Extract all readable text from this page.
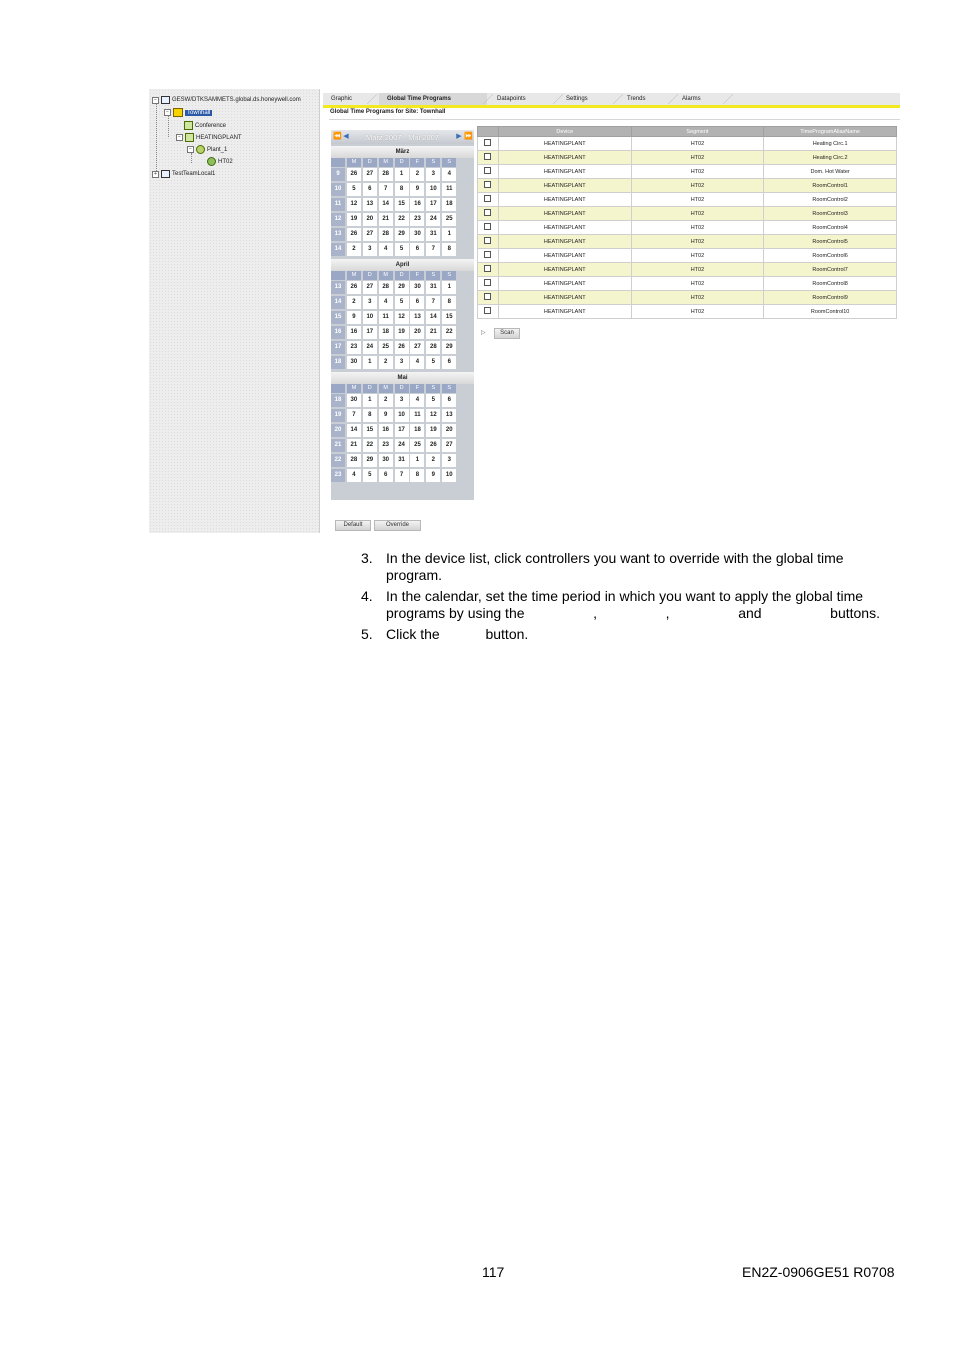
−	GESW/DTKSAMMETS.global.ds.honeywell.com
−	Townhall
Conference
−	HEATINGPLANT
−	Plant_1
HT02
+	TestTeamLocal1
Graphic	Global Time Programs	Datapoints	Settings	Trends	Alarms
Global Time Programs for Site: Townhall
⏪ ◀	März 2007 - Mai 2007	▶ ⏩
März
M	D	M	D	F	S	S
9	26	27	28	1	2	3	4
10	5	6	7	8	9	10	11
11	12	13	14	15	16	17	18
12	19	20	21	22	23	24	25
13	26	27	28	29	30	31	1
14	2	3	4	5	6	7	8
April
M	D	M	D	F	S	S
13	26	27	28	29	30	31	1
14	2	3	4	5	6	7	8
15	9	10	11	12	13	14	15
16	16	17	18	19	20	21	22
17	23	24	25	26	27	28	29
18	30	1	2	3	4	5	6
Mai
M	D	M	D	F	S	S
18	30	1	2	3	4	5	6
19	7	8	9	10	11	12	13
20	14	15	16	17	18	19	20
21	21	22	23	24	25	26	27
22	28	29	30	31	1	2	3
23	4	5	6	7	8	9	10
	Device	Segment	TimeProgramAliasName
	HEATINGPLANT	HT02	Heating Circ.1
	HEATINGPLANT	HT02	Heating Circ.2
	HEATINGPLANT	HT02	Dom. Hot Water
	HEATINGPLANT	HT02	RoomControl1
	HEATINGPLANT	HT02	RoomControl2
	HEATINGPLANT	HT02	RoomControl3
	HEATINGPLANT	HT02	RoomControl4
	HEATINGPLANT	HT02	RoomControl5
	HEATINGPLANT	HT02	RoomControl6
	HEATINGPLANT	HT02	RoomControl7
	HEATINGPLANT	HT02	RoomControl8
	HEATINGPLANT	HT02	RoomControl9
	HEATINGPLANT	HT02	RoomControl10
▷	Scan
Default	Override
3. In the device list, click controllers you want to override with the global time
program.
4. In the calendar, set the time period in which you want to apply the global time
programs by using the	,	,	and	buttons.
5. Click the	button.
117	EN2Z-0906GE51 R0708
